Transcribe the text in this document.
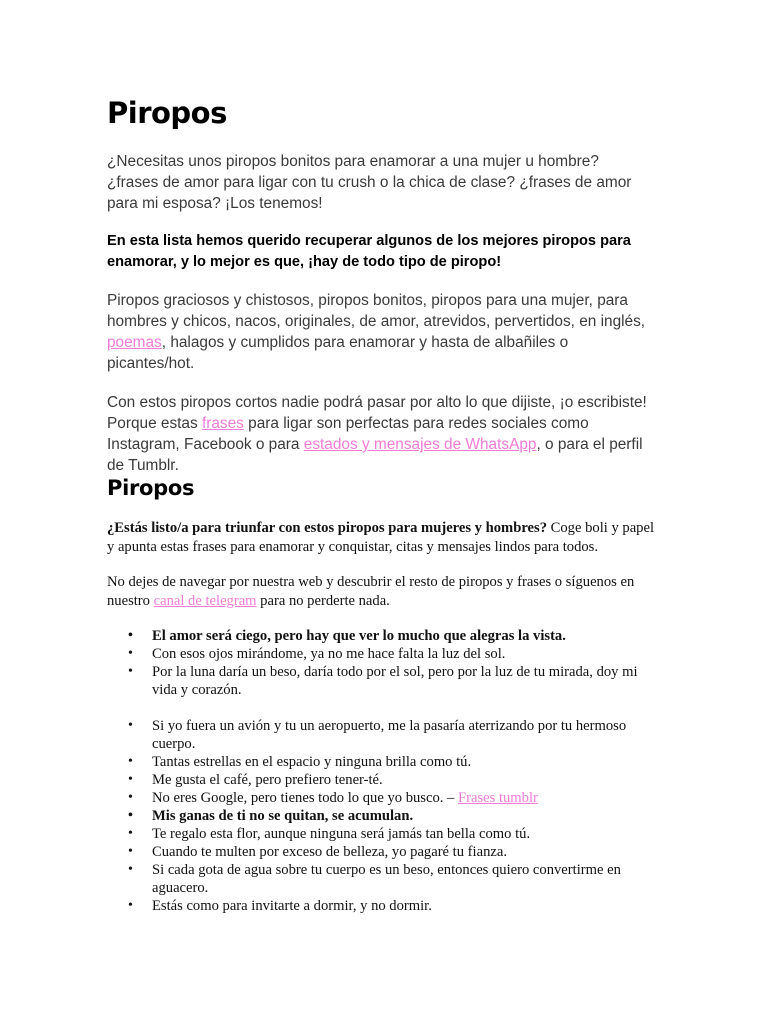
Piropos

¿Necesitas unos piropos bonitos para enamorar a una mujer u hombre? ¿frases de amor para ligar con tu crush o la chica de clase? ¿frases de amor para mi esposa? ¡Los tenemos!

En esta lista hemos querido recuperar algunos de los mejores piropos para enamorar, y lo mejor es que, ¡hay de todo tipo de piropo!

Piropos graciosos y chistosos, piropos bonitos, piropos para una mujer, para hombres y chicos, nacos, originales, de amor, atrevidos, pervertidos, en inglés, poemas, halagos y cumplidos para enamorar y hasta de albañiles o picantes/hot.

Con estos piropos cortos nadie podrá pasar por alto lo que dijiste, ¡o escribiste! Porque estas frases para ligar son perfectas para redes sociales como Instagram, Facebook o para estados y mensajes de WhatsApp, o para el perfil de Tumblr.

Piropos

¿Estás listo/a para triunfar con estos piropos para mujeres y hombres? Coge boli y papel y apunta estas frases para enamorar y conquistar, citas y mensajes lindos para todos.

No dejes de navegar por nuestra web y descubrir el resto de piropos y frases o síguenos en nuestro canal de telegram para no perderte nada.

• El amor será ciego, pero hay que ver lo mucho que alegras la vista.
• Con esos ojos mirándome, ya no me hace falta la luz del sol.
• Por la luna daría un beso, daría todo por el sol, pero por la luz de tu mirada, doy mi vida y corazón.
• Si yo fuera un avión y tu un aeropuerto, me la pasaría aterrizando por tu hermoso cuerpo.
• Tantas estrellas en el espacio y ninguna brilla como tú.
• Me gusta el café, pero prefiero tener-té.
• No eres Google, pero tienes todo lo que yo busco. – Frases tumblr
• Mis ganas de ti no se quitan, se acumulan.
• Te regalo esta flor, aunque ninguna será jamás tan bella como tú.
• Cuando te multen por exceso de belleza, yo pagaré tu fianza.
• Si cada gota de agua sobre tu cuerpo es un beso, entonces quiero convertirme en aguacero.
• Estás como para invitarte a dormir, y no dormir.
